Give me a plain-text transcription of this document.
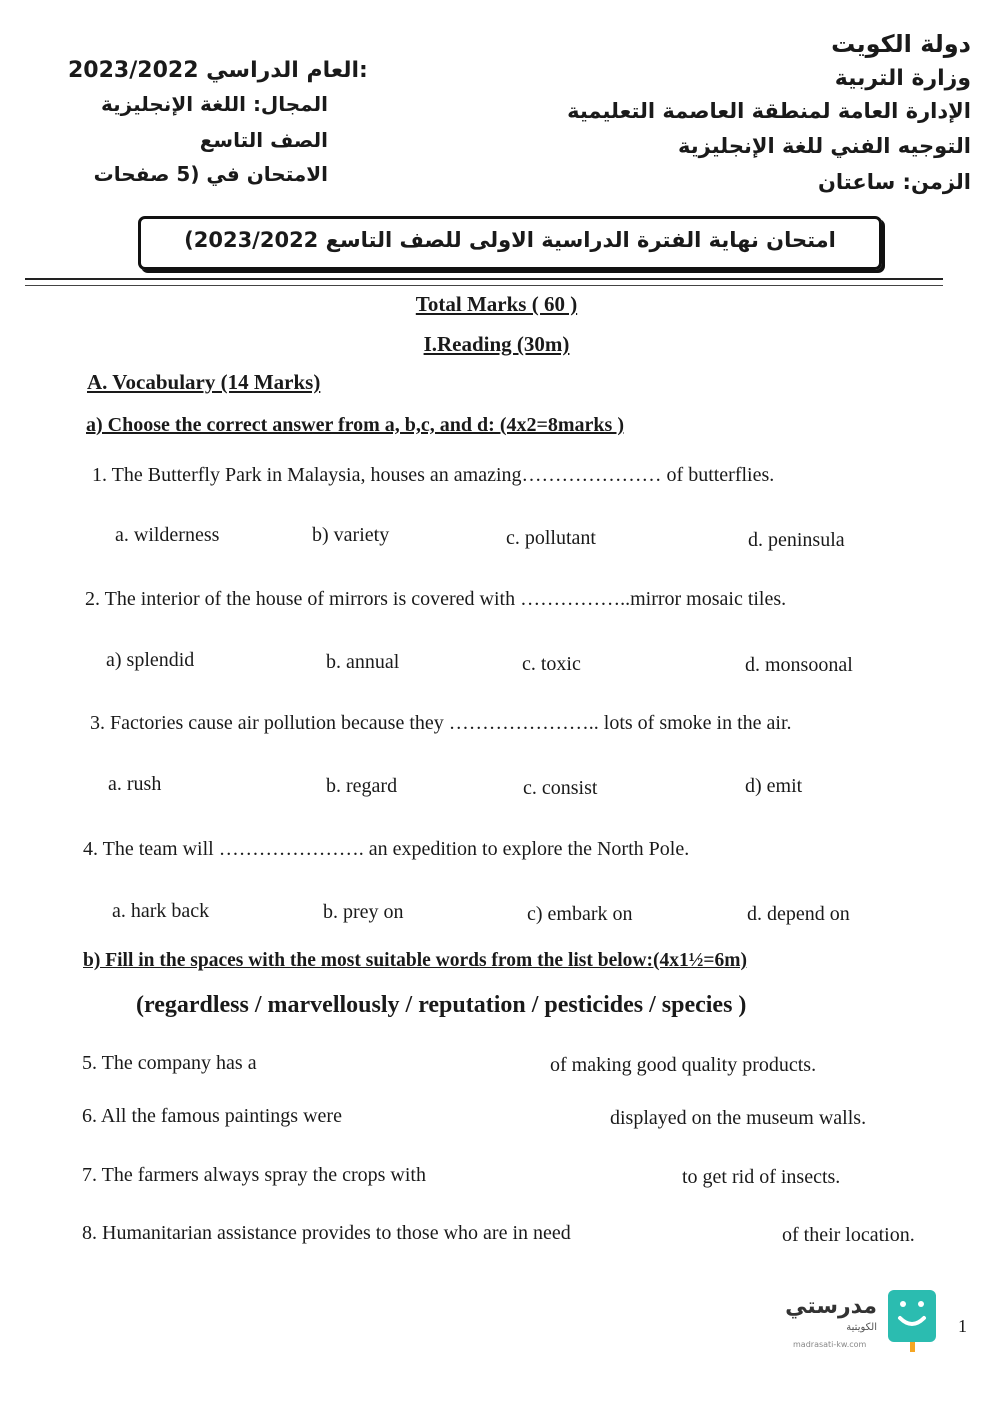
دولة الكويت
وزارة التربية
الإدارة العامة لمنطقة العاصمة التعليمية
التوجيه الفني للغة الإنجليزية
الزمن: ساعتان
2023/2022 العام الدراسي:
المجال: اللغة الإنجليزية
الصف التاسع
الامتحان في (5 صفحات
امتحان نهاية الفترة الدراسية الاولى للصف التاسع 2023/2022)
Total Marks ( 60 )
I.Reading (30m)
A. Vocabulary (14 Marks)
a) Choose the correct answer from a, b,c, and d: (4x2=8marks )
1. The Butterfly Park in Malaysia, houses an amazing………………… of butterflies.
a. wilderness	b) variety	c. pollutant	d. peninsula
2. The interior of the house of mirrors is covered with ……………..mirror mosaic tiles.
a) splendid	b. annual	c. toxic	d. monsoonal
3. Factories cause air pollution because they ………………….. lots of smoke in the air.
a. rush	b. regard	c. consist	d) emit
4. The team will …………………. an expedition to explore the North Pole.
a. hark back	b. prey on	c) embark on	d. depend on
b) Fill in the spaces with the most suitable words from the list below:(4x1½=6m)
(regardless / marvellously / reputation / pesticides / species )
5. The company has a	of making good quality products.
6. All the famous paintings were	displayed on the museum walls.
7. The farmers always spray the crops with	to get rid of insects.
8. Humanitarian assistance provides to those who are in need	of their location.
مدرستي
الكويتية
madrasati-kw.com
1
